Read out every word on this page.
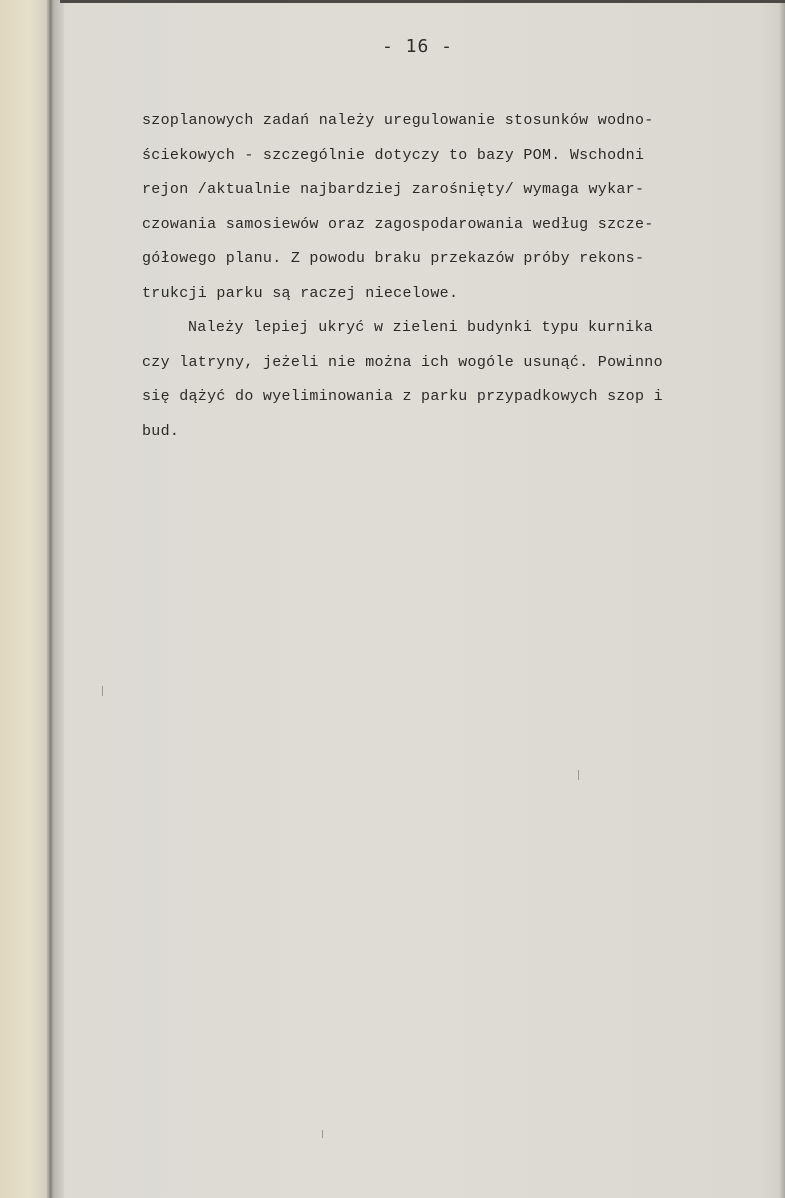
- 16 -
szoplanowych zadań należy uregulowanie stosunków wodno-
ściekowych - szczególnie dotyczy to bazy POM. Wschodni
rejon /aktualnie najbardziej zarośnięty/ wymaga wykar-
czowania samosiewów oraz zagospodarowania według szcze-
gółowego planu. Z powodu braku przekazów próby rekons-
trukcji parku są raczej niecelowe.
Należy lepiej ukryć w zieleni budynki typu kurnika
czy latryny, jeżeli nie można ich wogóle usunąć. Powinno
się dążyć do wyeliminowania z parku przypadkowych szop i
bud.
